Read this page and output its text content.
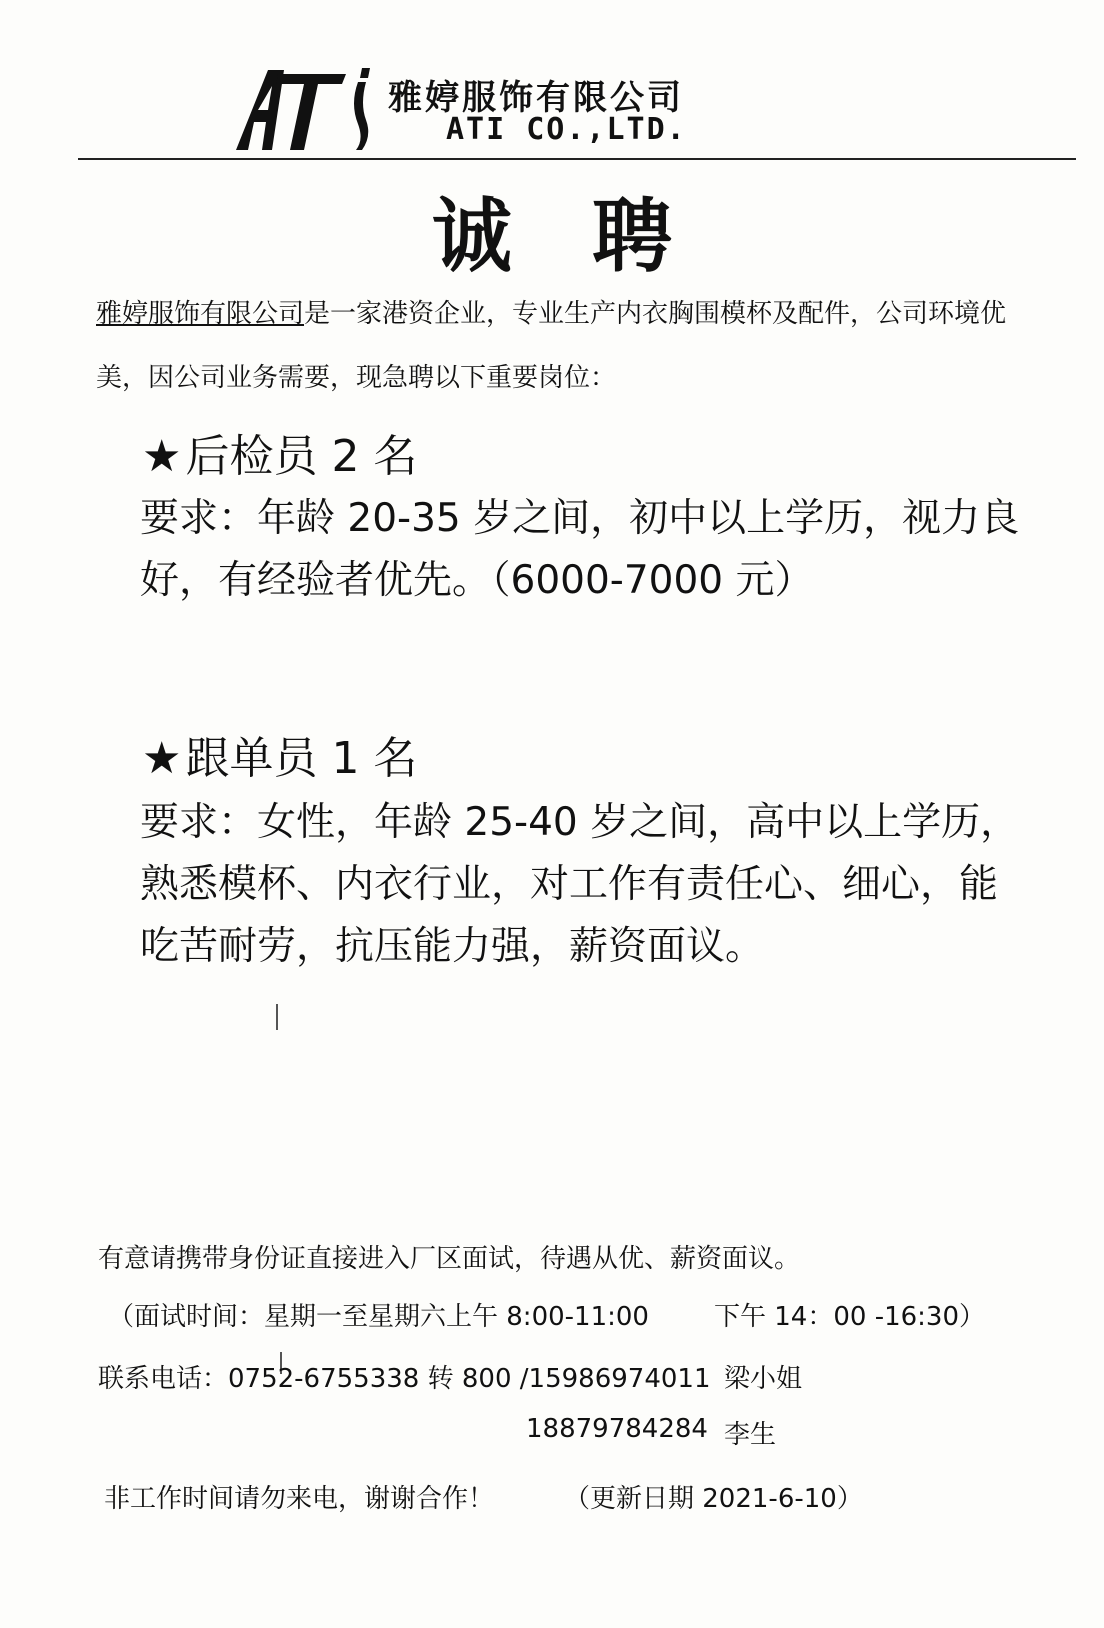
雅婷服饰有限公司
ATI CO.,LTD.
诚聘
雅婷服饰有限公司是一家港资企业，专业生产内衣胸围模杯及配件，公司环境优美，因公司业务需要，现急聘以下重要岗位：
★后检员 2 名
要求：年龄 20-35 岁之间，初中以上学历，视力良好，有经验者优先。（6000-7000 元）
★跟单员 1 名
要求：女性，年龄 25-40 岁之间，高中以上学历，熟悉模杯、内衣行业，对工作有责任心、细心，能吃苦耐劳，抗压能力强，薪资面议。
有意请携带身份证直接进入厂区面试，待遇从优、薪资面议。
（面试时间：星期一至星期六上午 8:00-11:00	下午 14：00 -16:30）
联系电话：0752-6755338 转 800 /15986974011 梁小姐
18879784284 李生
非工作时间请勿来电，谢谢合作！	（更新日期 2021-6-10）
